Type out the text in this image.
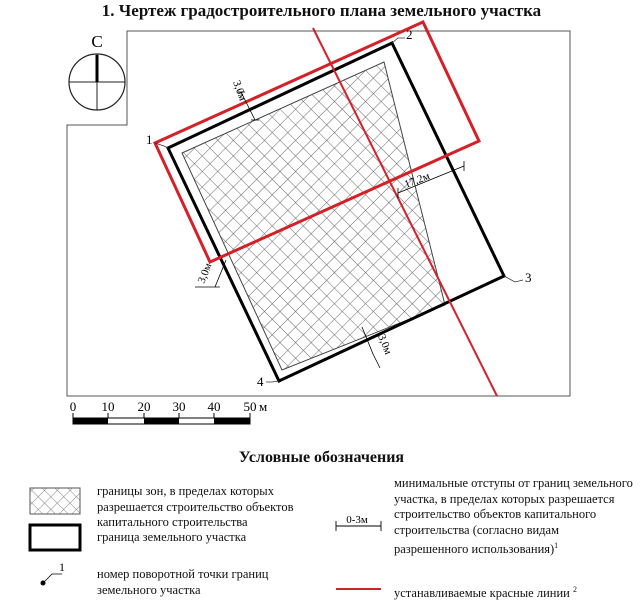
1. Чертеж градостроительного плана земельного участка
С
3,0м
17,2м
3,0м
3,0м
1
2
3
4
0 10 20 30 40 50 м
1
0-3м
Условные обозначения
границы зон, в пределах которых разрешается строительство объектов капитального строительства
граница земельного участка
номер поворотной точки границ земельного участка
минимальные отступы от границ земельного участка, в пределах которых разрешается строительство объектов капитального строительства (согласно видам разрешенного использования)$^1$
устанавливаемые красные линии $^2$
